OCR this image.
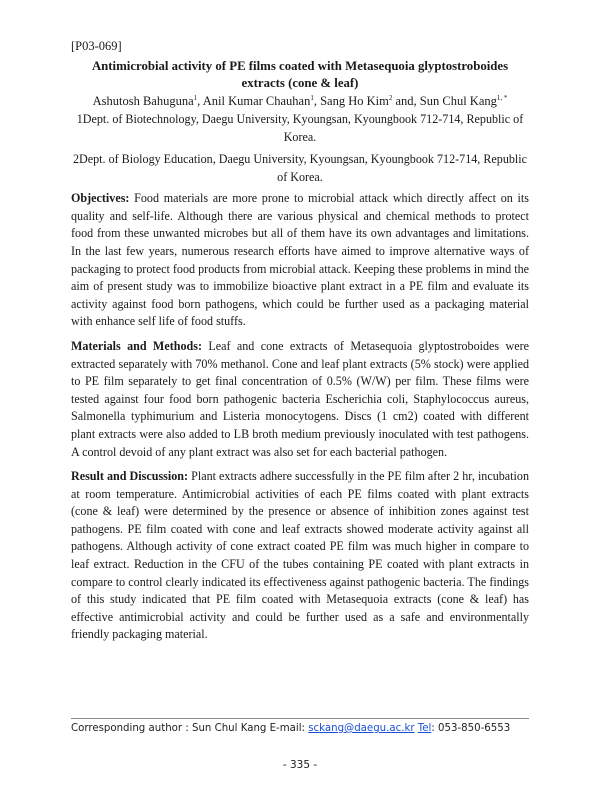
[P03-069]
Antimicrobial activity of PE films coated with Metasequoia glyptostroboides extracts (cone & leaf)
Ashutosh Bahuguna$^1$, Anil Kumar Chauhan$^1$, Sang Ho Kim$^2$ and, Sun Chul Kang$^{1, *}$
1Dept. of Biotechnology, Daegu University, Kyoungsan, Kyoungbook 712-714, Republic of Korea.
2Dept. of Biology Education, Daegu University, Kyoungsan, Kyoungbook 712-714, Republic of Korea.

Objectives: Food materials are more prone to microbial attack which directly affect on its quality and self-life. Although there are various physical and chemical methods to protect food from these unwanted microbes but all of them have its own advantages and limitations. In the last few years, numerous research efforts have aimed to improve alternative ways of packaging to protect food products from microbial attack. Keeping these problems in mind the aim of present study was to immobilize bioactive plant extract in a PE film and evaluate its activity against food born pathogens, which could be further used as a packaging material with enhance self life of food stuffs.

Materials and Methods: Leaf and cone extracts of Metasequoia glyptostroboides were extracted separately with 70% methanol. Cone and leaf plant extracts (5% stock) were applied to PE film separately to get final concentration of 0.5% (W/W) per film. These films were tested against four food born pathogenic bacteria Escherichia coli, Staphylococcus aureus, Salmonella typhimurium and Listeria monocytogens. Discs (1 cm2) coated with different plant extracts were also added to LB broth medium previously inoculated with test pathogens. A control devoid of any plant extract was also set for each bacterial pathogen.

Result and Discussion: Plant extracts adhere successfully in the PE film after 2 hr, incubation at room temperature. Antimicrobial activities of each PE films coated with plant extracts (cone & leaf) were determined by the presence or absence of inhibition zones against test pathogens. PE film coated with cone and leaf extracts showed moderate activity against all pathogens. Although activity of cone extract coated PE film was much higher in compare to leaf extract. Reduction in the CFU of the tubes containing PE coated with plant extracts in compare to control clearly indicated its effectiveness against pathogenic bacteria. The findings of this study indicated that PE film coated with Metasequoia extracts (cone & leaf) has effective antimicrobial activity and could be further used as a safe and environmentally friendly packaging material.

Corresponding author : Sun Chul Kang E-mail: sckang@daegu.ac.kr Tel: 053-850-6553
- 335 -
